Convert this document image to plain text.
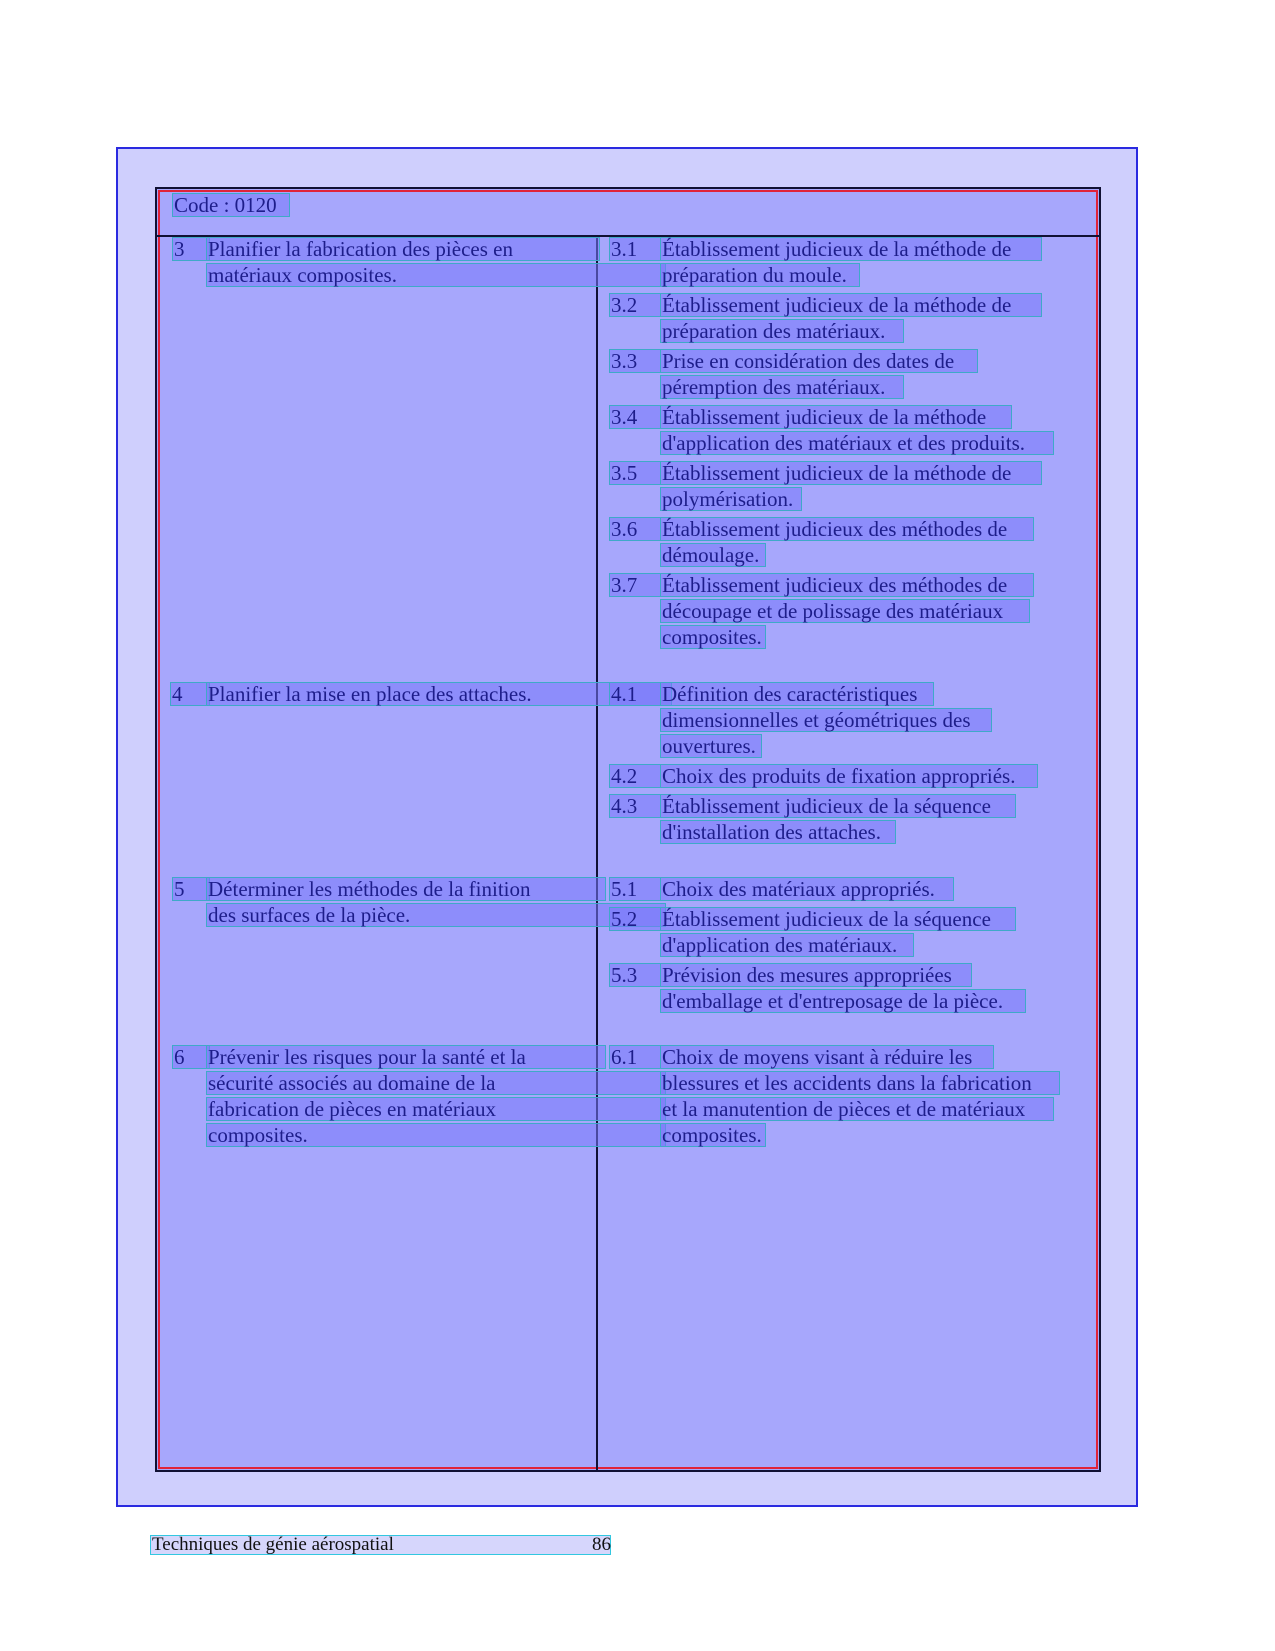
Code : 0120
3	Planifier la fabrication des pièces en
matériaux composites.
3.1	Établissement judicieux de la méthode de
préparation du moule.
3.2	Établissement judicieux de la méthode de
préparation des matériaux.
3.3	Prise en considération des dates de
péremption des matériaux.
3.4	Établissement judicieux de la méthode
d'application des matériaux et des produits.
3.5	Établissement judicieux de la méthode de
polymérisation.
3.6	Établissement judicieux des méthodes de
démoulage.
3.7	Établissement judicieux des méthodes de
découpage et de polissage des matériaux
composites.
4	Planifier la mise en place des attaches.	4.1	Définition des caractéristiques
dimensionnelles et géométriques des
ouvertures.
4.2	Choix des produits de fixation appropriés.
4.3	Établissement judicieux de la séquence
d'installation des attaches.
5	Déterminer les méthodes de la finition
des surfaces de la pièce.
5.1	Choix des matériaux appropriés.
5.2	Établissement judicieux de la séquence
d'application des matériaux.
5.3	Prévision des mesures appropriées
d'emballage et d'entreposage de la pièce.
6	Prévenir les risques pour la santé et la
sécurité associés au domaine de la
fabrication de pièces en matériaux
composites.
6.1	Choix de moyens visant à réduire les
blessures et les accidents dans la fabrication
et la manutention de pièces et de matériaux
composites.
Techniques de génie aérospatial	86
